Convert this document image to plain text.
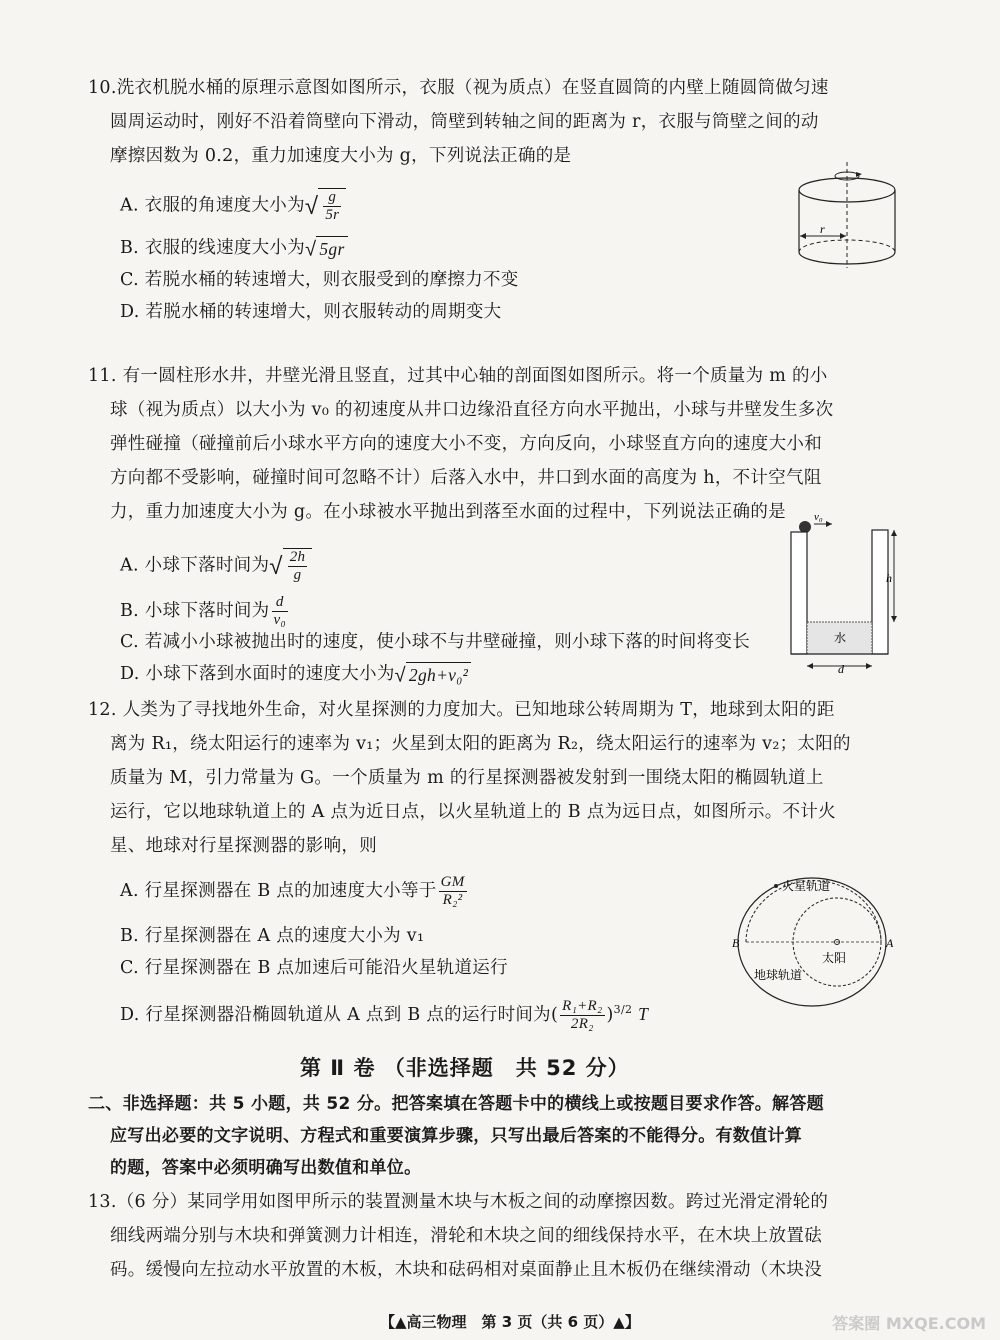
10.洗衣机脱水桶的原理示意图如图所示，衣服（视为质点）在竖直圆筒的内壁上随圆筒做匀速
圆周运动时，刚好不沿着筒壁向下滑动，筒壁到转轴之间的距离为 r，衣服与筒壁之间的动
摩擦因数为 0.2，重力加速度大小为 g，下列说法正确的是
A. 衣服的角速度大小为√ $\frac{g}{5r}$
B. 衣服的线速度大小为√ 5gr
C. 若脱水桶的转速增大，则衣服受到的摩擦力不变
D. 若脱水桶的转速增大，则衣服转动的周期变大
r
11. 有一圆柱形水井，井壁光滑且竖直，过其中心轴的剖面图如图所示。将一个质量为 m 的小
球（视为质点）以大小为 v₀ 的初速度从井口边缘沿直径方向水平抛出，小球与井壁发生多次
弹性碰撞（碰撞前后小球水平方向的速度大小不变，方向反向，小球竖直方向的速度大小和
方向都不受影响，碰撞时间可忽略不计）后落入水中，井口到水面的高度为 h，不计空气阻
力，重力加速度大小为 g。在小球被水平抛出到落至水面的过程中，下列说法正确的是
A. 小球下落时间为√ $\frac{2h}{g}$
B. 小球下落时间为 $\frac{d}{\text{v₀}}$
C. 若减小小球被抛出时的速度，使小球不与井壁碰撞，则小球下落的时间将变长
D. 小球下落到水面时的速度大小为√ 2gh+v₀²
v₀
水
h
d
12. 人类为了寻找地外生命，对火星探测的力度加大。已知地球公转周期为 T，地球到太阳的距
离为 R₁，绕太阳运行的速率为 v₁；火星到太阳的距离为 R₂，绕太阳运行的速率为 v₂；太阳的
质量为 M，引力常量为 G。一个质量为 m 的行星探测器被发射到一围绕太阳的椭圆轨道上
运行，它以地球轨道上的 A 点为近日点，以火星轨道上的 B 点为远日点，如图所示。不计火
星、地球对行星探测器的影响，则
A. 行星探测器在 B 点的加速度大小等于 $\frac{GM}{\text{R₂²}}$
B. 行星探测器在 A 点的速度大小为 v₁
C. 行星探测器在 B 点加速后可能沿火星轨道运行
D. 行星探测器沿椭圆轨道从 A 点到 B 点的运行时间为( $\frac{\text{R₁+R₂}}{\text{2R₂}} )^{3/2}$ T
火星轨道
太阳
B	A
地球轨道
第 Ⅱ 卷 （非选择题　共 52 分）
二、非选择题：共 5 小题，共 52 分。把答案填在答题卡中的横线上或按题目要求作答。解答题
应写出必要的文字说明、方程式和重要演算步骤，只写出最后答案的不能得分。有数值计算
的题，答案中必须明确写出数值和单位。
13.（6 分）某同学用如图甲所示的装置测量木块与木板之间的动摩擦因数。跨过光滑定滑轮的
细线两端分别与木块和弹簧测力计相连，滑轮和木块之间的细线保持水平，在木块上放置砝
码。缓慢向左拉动水平放置的木板，木块和砝码相对桌面静止且木板仍在继续滑动（木块没
【▲高三物理　第 3 页（共 6 页）▲】	答案圈 MXQE.COM
